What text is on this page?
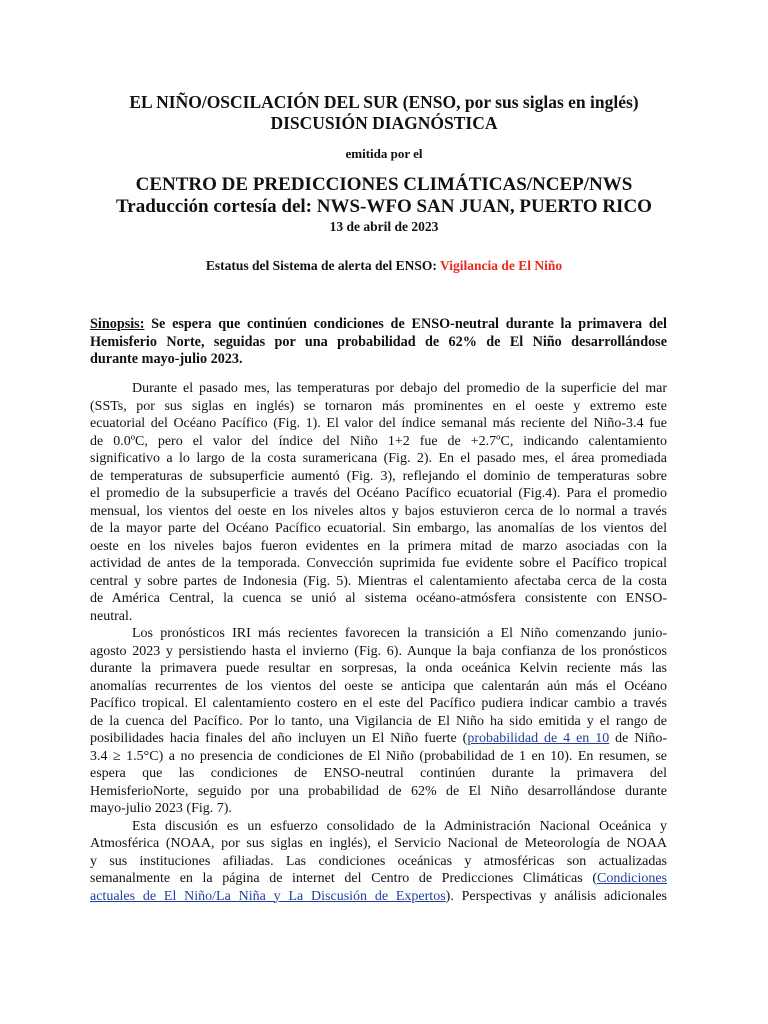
EL NIÑO/OSCILACIÓN DEL SUR (ENSO, por sus siglas en inglés)
DISCUSIÓN DIAGNÓSTICA
emitida por el
CENTRO DE PREDICCIONES CLIMÁTICAS/NCEP/NWS
Traducción cortesía del: NWS-WFO SAN JUAN, PUERTO RICO
13 de abril de 2023
Estatus del Sistema de alerta del ENSO: Vigilancia de El Niño
Sinopsis: Se espera que continúen condiciones de ENSO-neutral durante la primavera del
Hemisferio Norte, seguidas por una probabilidad de 62% de El Niño desarrollándose
durante mayo-julio 2023.
Durante el pasado mes, las temperaturas por debajo del promedio de la superficie del mar
(SSTs, por sus siglas en inglés) se tornaron más prominentes en el oeste y extremo este
ecuatorial del Océano Pacífico (Fig. 1). El valor del índice semanal más reciente del Niño-3.4 fue
de 0.0ºC, pero el valor del índice del Niño 1+2 fue de +2.7ºC, indicando calentamiento
significativo a lo largo de la costa suramericana (Fig. 2). En el pasado mes, el área promediada
de temperaturas de subsuperficie aumentó (Fig. 3), reflejando el dominio de temperaturas sobre
el promedio de la subsuperficie a través del Océano Pacífico ecuatorial (Fig.4). Para el promedio
mensual, los vientos del oeste en los niveles altos y bajos estuvieron cerca de lo normal a través
de la mayor parte del Océano Pacífico ecuatorial. Sin embargo, las anomalías de los vientos del
oeste en los niveles bajos fueron evidentes en la primera mitad de marzo asociadas con la
actividad de antes de la temporada. Convección suprimida fue evidente sobre el Pacífico tropical
central y sobre partes de Indonesia (Fig. 5). Mientras el calentamiento afectaba cerca de la costa
de América Central, la cuenca se unió al sistema océano-atmósfera consistente con ENSO-
neutral.
Los pronósticos IRI más recientes favorecen la transición a El Niño comenzando junio-
agosto 2023 y persistiendo hasta el invierno (Fig. 6). Aunque la baja confianza de los pronósticos
durante la primavera puede resultar en sorpresas, la onda oceánica Kelvin reciente más las
anomalías recurrentes de los vientos del oeste se anticipa que calentarán aún más el Océano
Pacífico tropical. El calentamiento costero en el este del Pacífico pudiera indicar cambio a través
de la cuenca del Pacífico. Por lo tanto, una Vigilancia de El Niño ha sido emitida y el rango de
posibilidades hacia finales del año incluyen un El Niño fuerte (probabilidad de 4 en 10 de Niño-
3.4 ≥ 1.5°C) a no presencia de condiciones de El Niño (probabilidad de 1 en 10). En resumen, se
espera que las condiciones de ENSO-neutral continúen durante la primavera del
HemisferioNorte, seguido por una probabilidad de 62% de El Niño desarrollándose durante
mayo-julio 2023 (Fig. 7).
Esta discusión es un esfuerzo consolidado de la Administración Nacional Oceánica y
Atmosférica (NOAA, por sus siglas en inglés), el Servicio Nacional de Meteorología de NOAA
y sus instituciones afiliadas. Las condiciones oceánicas y atmosféricas son actualizadas
semanalmente en la página de internet del Centro de Predicciones Climáticas (Condiciones
actuales de El Niño/La Niña y La Discusión de Expertos). Perspectivas y análisis adicionales
